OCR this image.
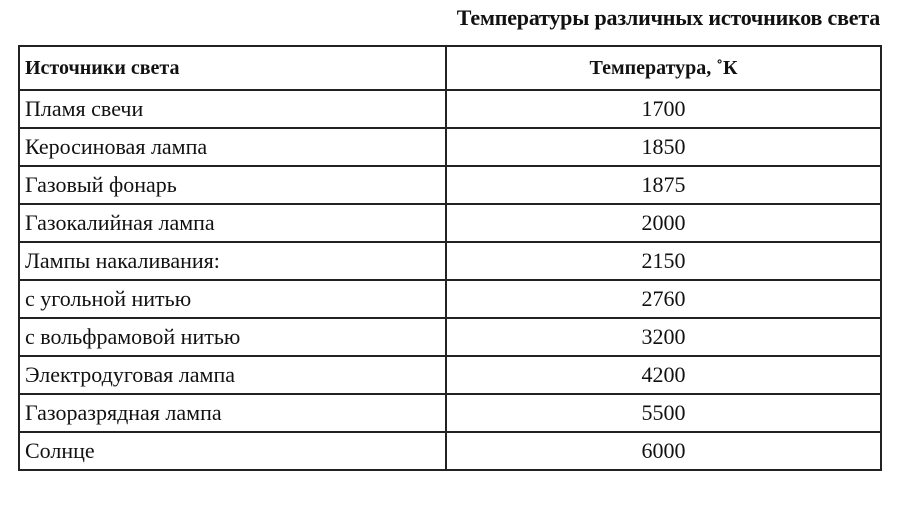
Температуры различных источников света
Источники света	Температура, ˚К
Пламя свечи	1700
Керосиновая лампа	1850
Газовый фонарь	1875
Газокалийная лампа	2000
Лампы накаливания:	2150
с угольной нитью	2760
с вольфрамовой нитью	3200
Электродуговая лампа	4200
Газоразрядная лампа	5500
Солнце	6000
